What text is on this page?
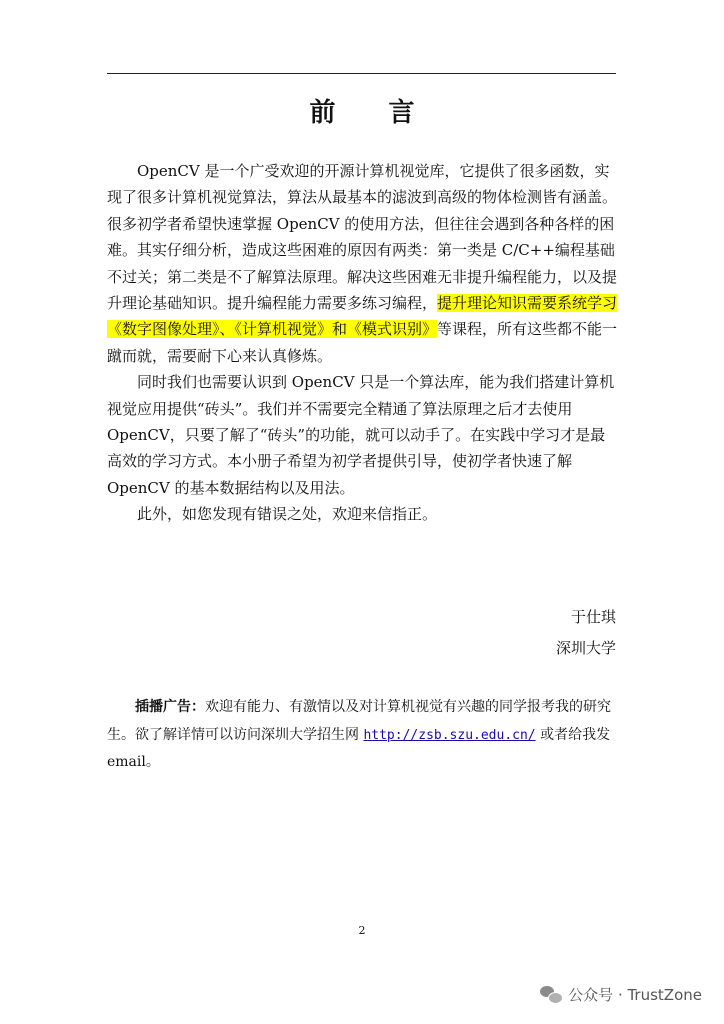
前 言

OpenCV 是一个广受欢迎的开源计算机视觉库，它提供了很多函数，实现了很多计算机视觉算法，算法从最基本的滤波到高级的物体检测皆有涵盖。很多初学者希望快速掌握 OpenCV 的使用方法，但往往会遇到各种各样的困难。其实仔细分析，造成这些困难的原因有两类：第一类是 C/C++编程基础不过关；第二类是不了解算法原理。解决这些困难无非提升编程能力，以及提升理论基础知识。提升编程能力需要多练习编程，提升理论知识需要系统学习《数字图像处理》、《计算机视觉》和《模式识别》等课程，所有这些都不能一蹴而就，需要耐下心来认真修炼。

同时我们也需要认识到 OpenCV 只是一个算法库，能为我们搭建计算机视觉应用提供“砖头”。我们并不需要完全精通了算法原理之后才去使用 OpenCV，只要了解了“砖头”的功能，就可以动手了。在实践中学习才是最高效的学习方式。本小册子希望为初学者提供引导，使初学者快速了解 OpenCV 的基本数据结构以及用法。

此外，如您发现有错误之处，欢迎来信指正。

于仕琪
深圳大学
插播广告：欢迎有能力、有激情以及对计算机视觉有兴趣的同学报考我的研究生。欲了解详情可以访问深圳大学招生网 http://zsb.szu.edu.cn/ 或者给我发 email。
2
公众号 · TrustZone
